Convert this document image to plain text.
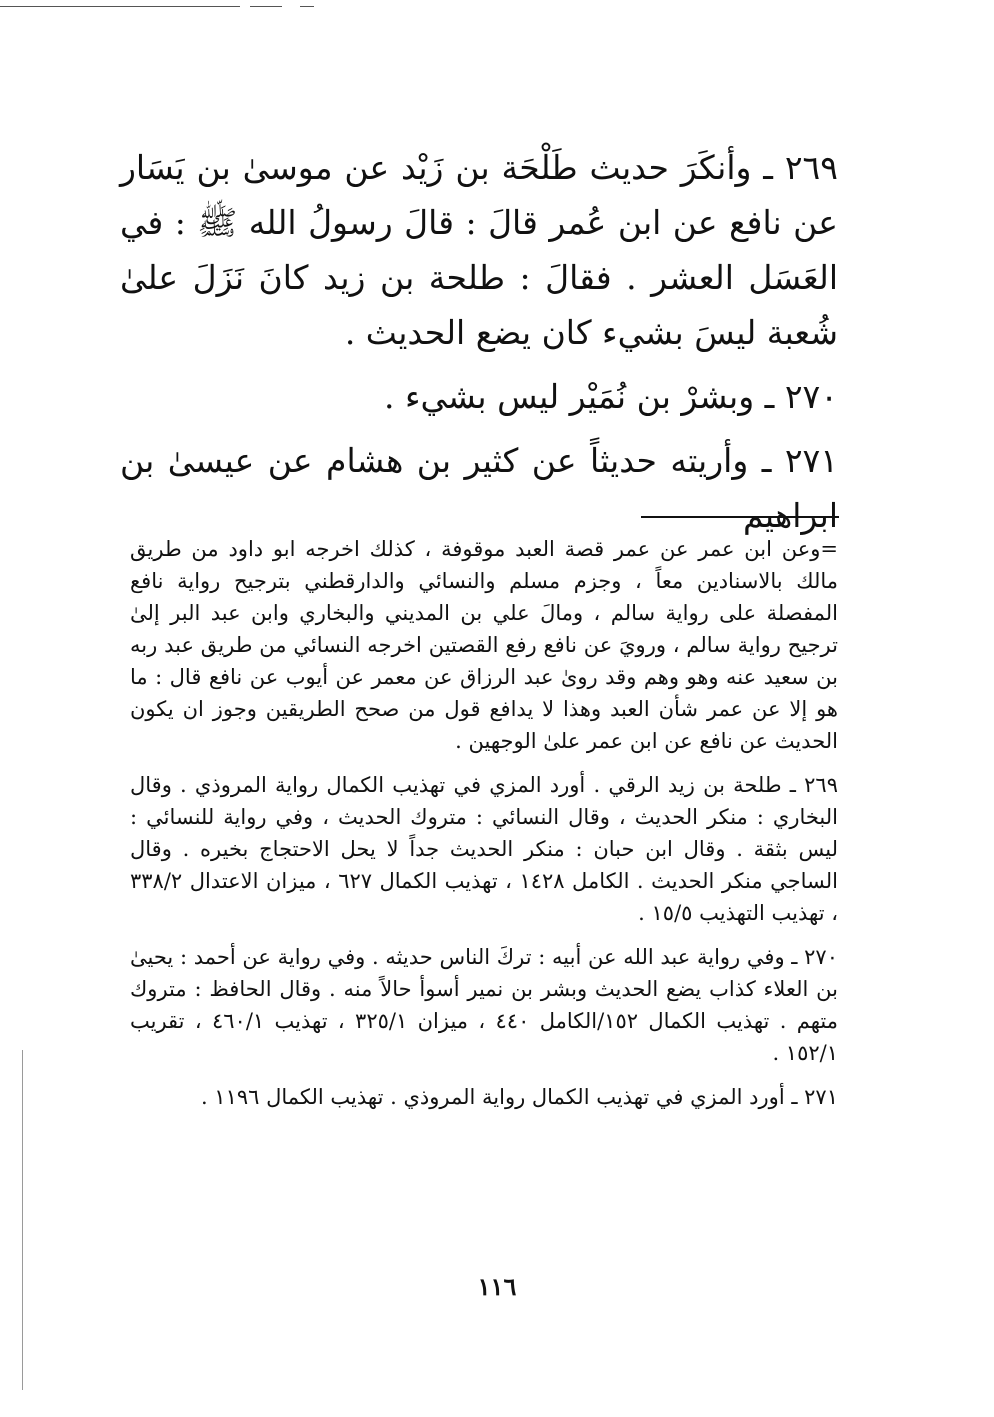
٢٦٩ ـ وأنكَرَ حديث طَلْحَة بن زَيْد عن موسىٰ بن يَسَار عن نافع عن ابن عُمر قالَ : قالَ رسولُ الله ﷺ : في العَسَل العشر . فقالَ : طلحة بن زيد كانَ نَزَلَ علىٰ شُعبة ليسَ بشيء كان يضع الحديث .

٢٧٠ ـ وبشرْ بن نُمَيْر ليس بشيء .

٢٧١ ـ وأريته حديثاً عن كثير بن هشام عن عيسىٰ بن ابراهيم

=وعن ابن عمر عن عمر قصة العبد موقوفة ، كذلك اخرجه ابو داود من طريق مالك بالاسنادين معاً ، وجزم مسلم والنسائي والدارقطني بترجيح رواية نافع المفصلة على رواية سالم ، ومالَ علي بن المديني والبخاري وابن عبد البر إلىٰ ترجيح رواية سالم ، ورويَ عن نافع رفع القصتين اخرجه النسائي من طريق عبد ربه بن سعيد عنه وهو وهم وقد روىٰ عبد الرزاق عن معمر عن أيوب عن نافع قال : ما هو إلا عن عمر شأن العبد وهذا لا يدافع قول من صحح الطريقين وجوز ان يكون الحديث عن نافع عن ابن عمر علىٰ الوجهين .

٢٦٩ ـ طلحة بن زيد الرقي . أورد المزي في تهذيب الكمال رواية المروذي . وقال البخاري : منكر الحديث ، وقال النسائي : متروك الحديث ، وفي رواية للنسائي : ليس بثقة . وقال ابن حبان : منكر الحديث جداً لا يحل الاحتجاج بخيره . وقال الساجي منكر الحديث . الكامل ١٤٢٨ ، تهذيب الكمال ٦٢٧ ، ميزان الاعتدال ٣٣٨/٢ ، تهذيب التهذيب ١٥/٥ .

٢٧٠ ـ وفي رواية عبد الله عن أبيه : تركَ الناس حديثه . وفي رواية عن أحمد : يحيىٰ بن العلاء كذاب يضع الحديث وبشر بن نمير أسوأ حالاً منه . وقال الحافظ : متروك متهم . تهذيب الكمال ١٥٢/الكامل ٤٤٠ ، ميزان ٣٢٥/١ ، تهذيب ٤٦٠/١ ، تقريب ١٥٢/١ .

٢٧١ ـ أورد المزي في تهذيب الكمال رواية المروذي . تهذيب الكمال ١١٩٦ .

١١٦
